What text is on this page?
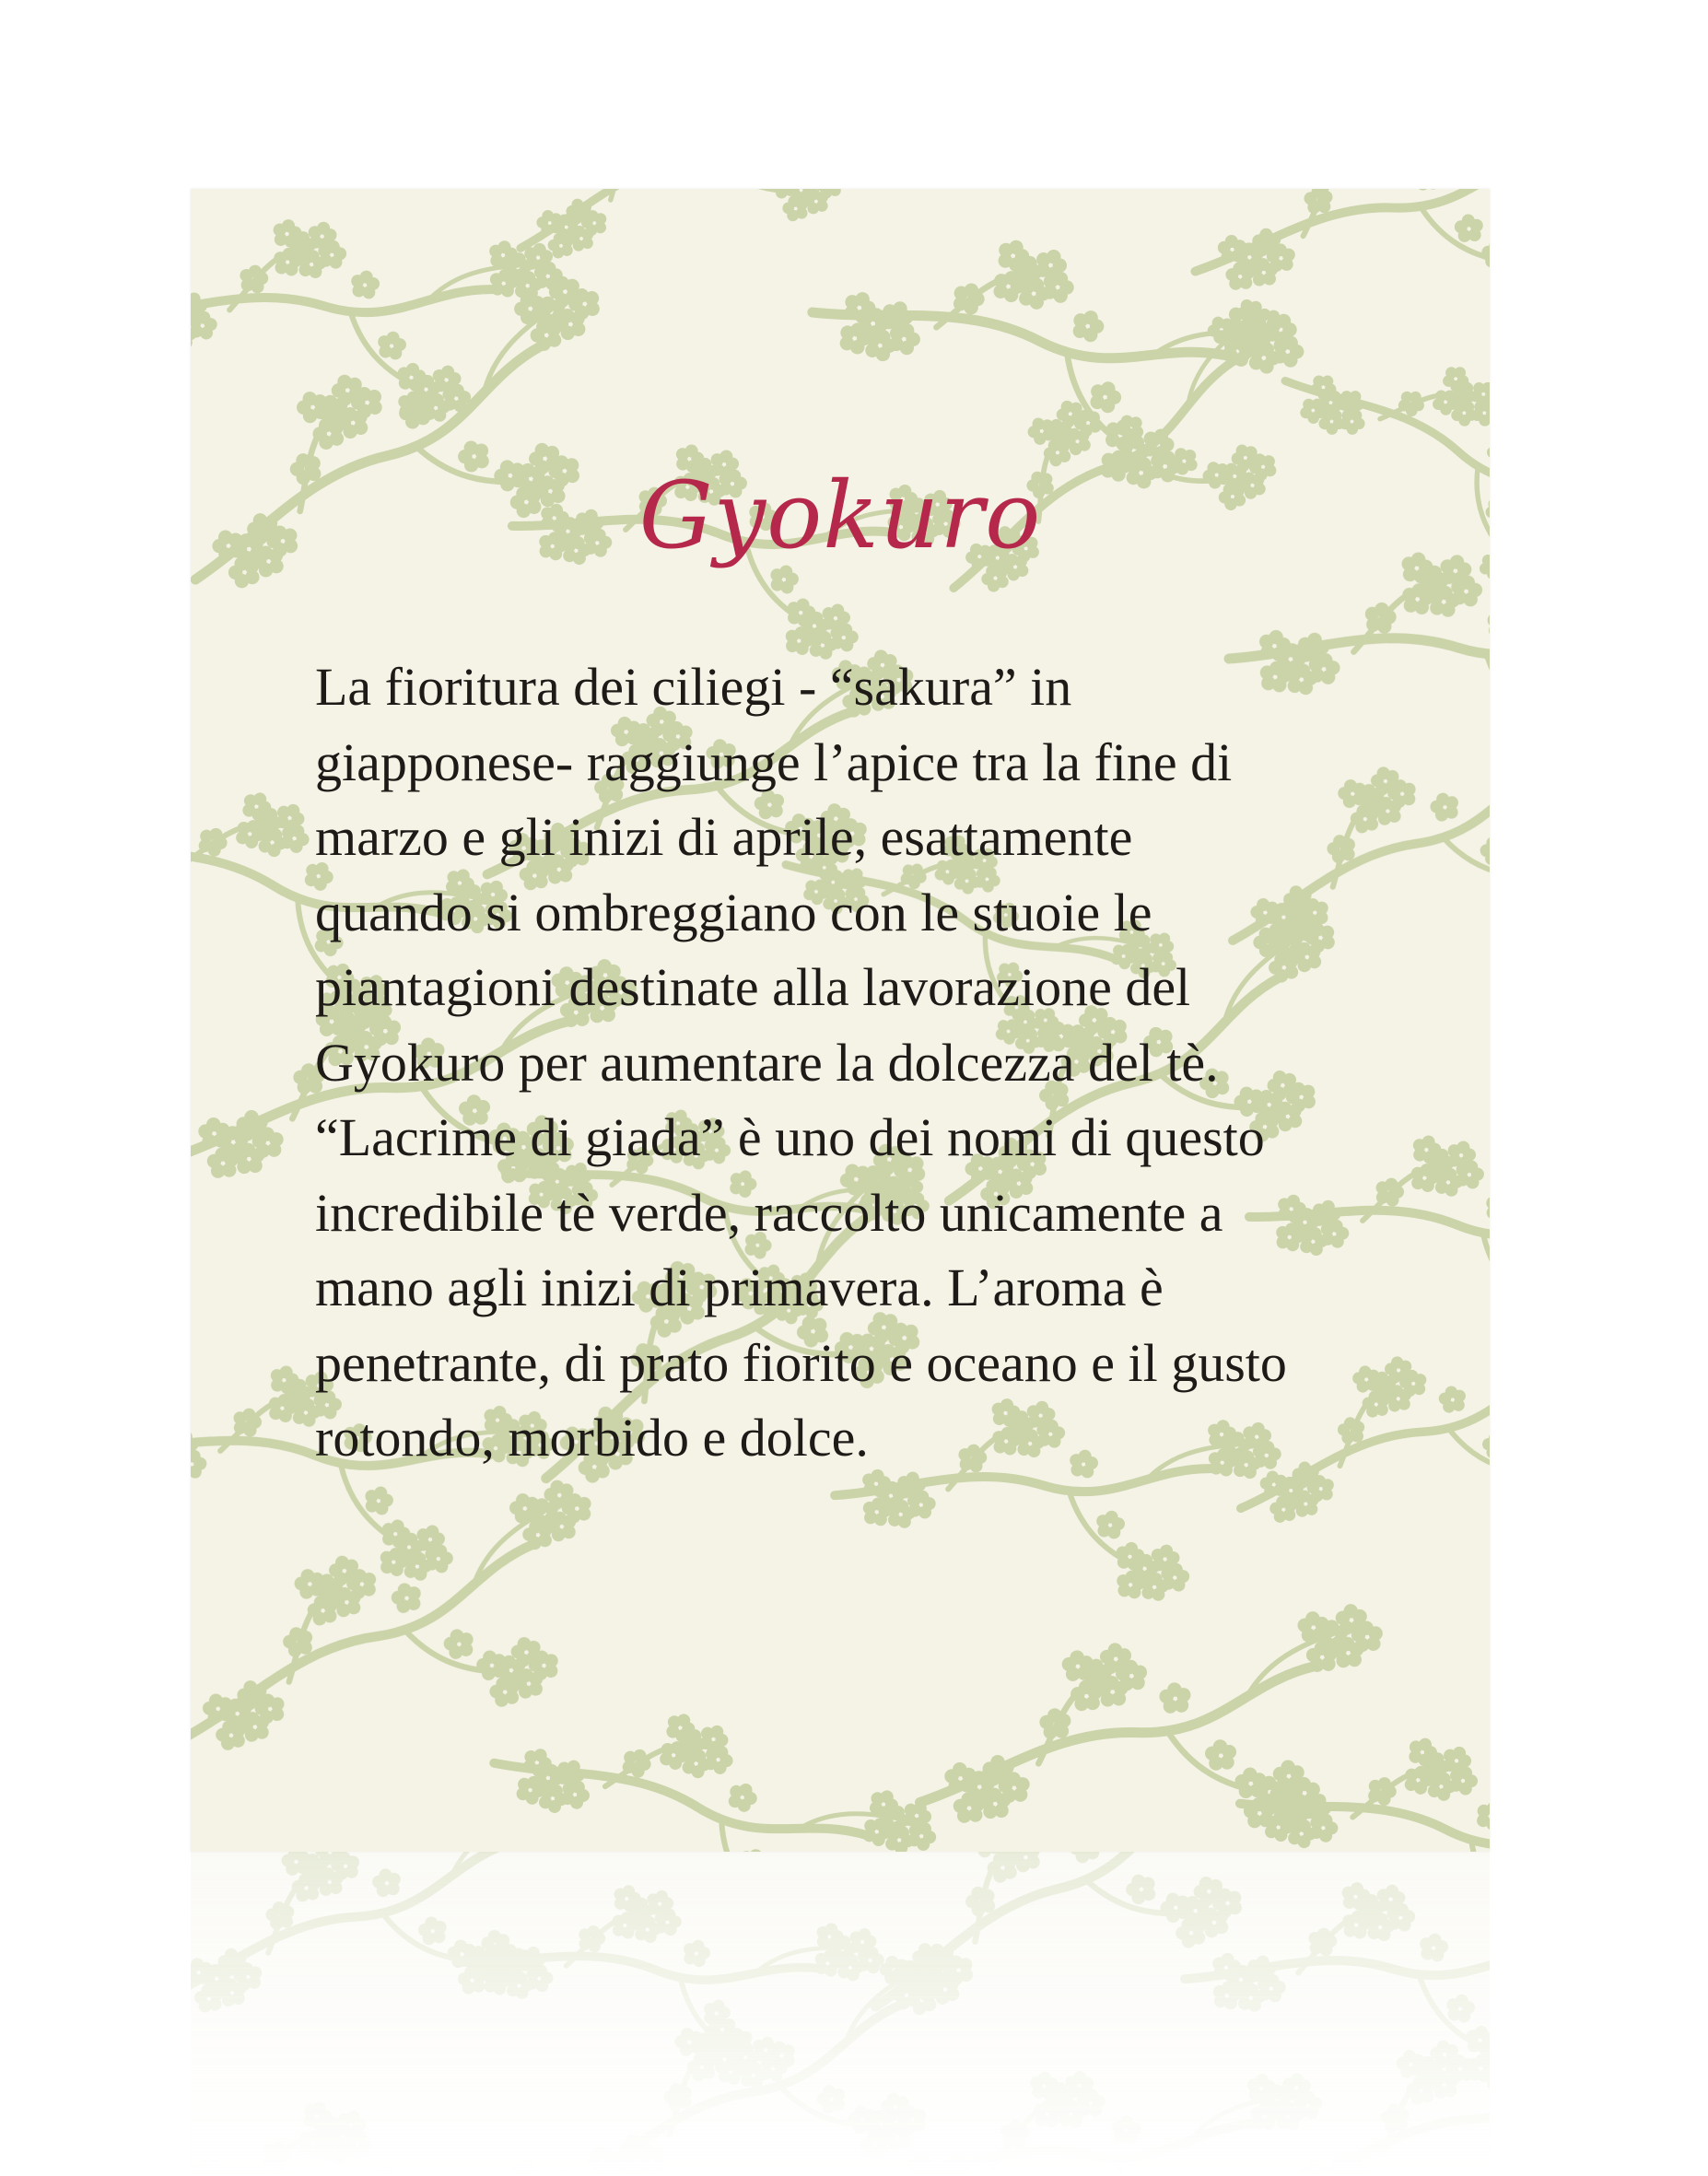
Gyokuro

La fioritura dei ciliegi - “sakura” in
giapponese- raggiunge l’apice tra la fine di
marzo e gli inizi di aprile, esattamente
quando si ombreggiano con le stuoie le
piantagioni destinate alla lavorazione del
Gyokuro per aumentare la dolcezza del tè.
“Lacrime di giada” è uno dei nomi di questo
incredibile tè verde, raccolto unicamente a
mano agli inizi di primavera. L’aroma è
penetrante, di prato fiorito e oceano e il gusto
rotondo, morbido e dolce.
